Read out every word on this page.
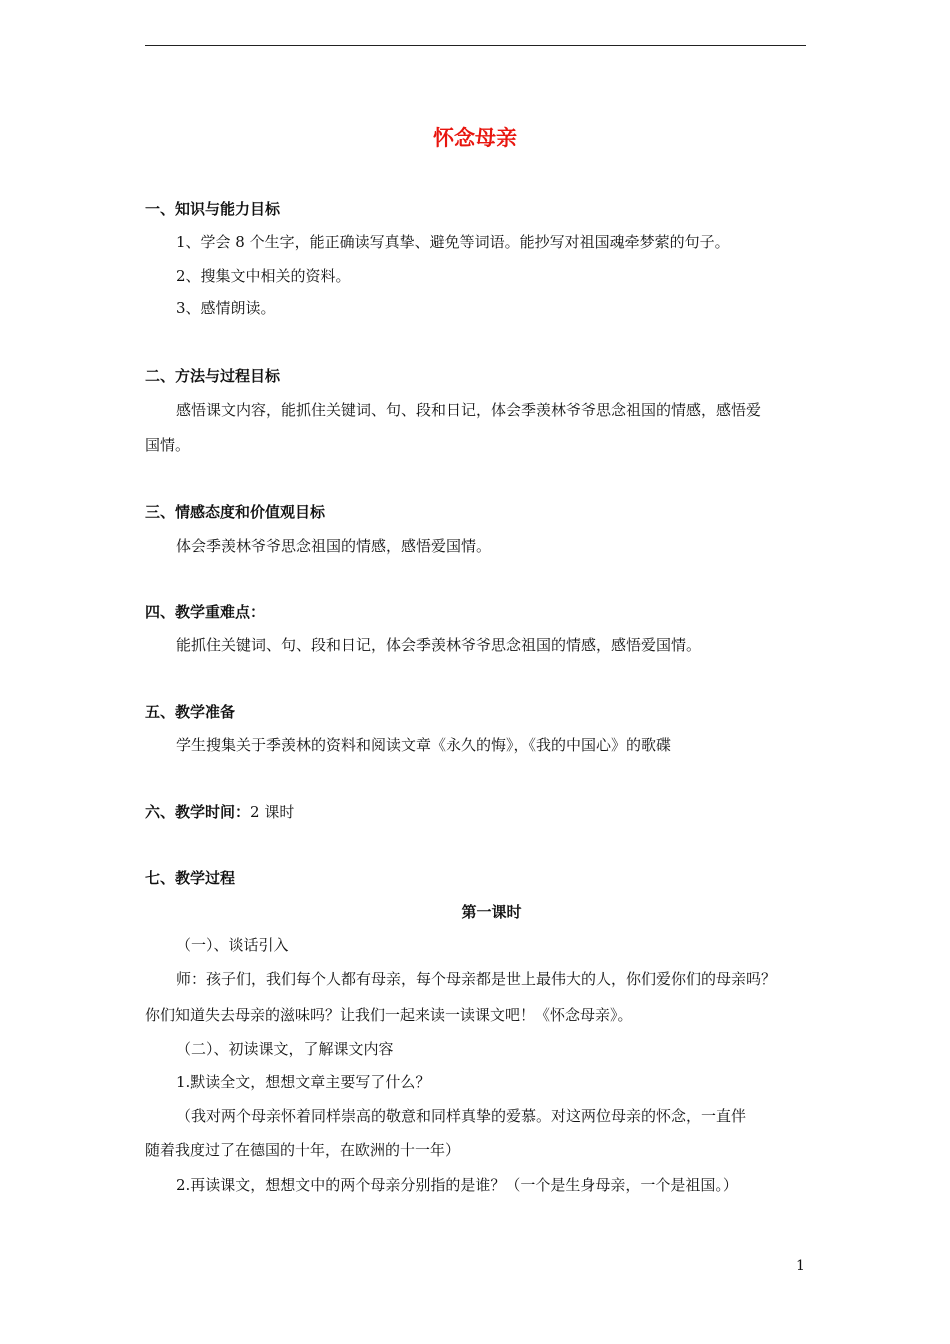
怀念母亲
一、知识与能力目标
1、学会 8 个生字，能正确读写真挚、避免等词语。能抄写对祖国魂牵梦萦的句子。
2、搜集文中相关的资料。
3、感情朗读。
二、方法与过程目标
感悟课文内容，能抓住关键词、句、段和日记，体会季羡林爷爷思念祖国的情感，感悟爱
国情。
三、情感态度和价值观目标
体会季羡林爷爷思念祖国的情感，感悟爱国情。
四、教学重难点：
能抓住关键词、句、段和日记，体会季羡林爷爷思念祖国的情感，感悟爱国情。
五、教学准备
学生搜集关于季羡林的资料和阅读文章《永久的悔》，《我的中国心》的歌碟
六、教学时间：2 课时
七、教学过程
第一课时
（一）、谈话引入
师：孩子们，我们每个人都有母亲，每个母亲都是世上最伟大的人，你们爱你们的母亲吗？
你们知道失去母亲的滋味吗？让我们一起来读一读课文吧！《怀念母亲》。
（二）、初读课文，了解课文内容
1.默读全文，想想文章主要写了什么？
（我对两个母亲怀着同样崇高的敬意和同样真挚的爱慕。对这两位母亲的怀念，一直伴
随着我度过了在德国的十年，在欧洲的十一年）
2.再读课文，想想文中的两个母亲分别指的是谁？（一个是生身母亲，一个是祖国。）
1
